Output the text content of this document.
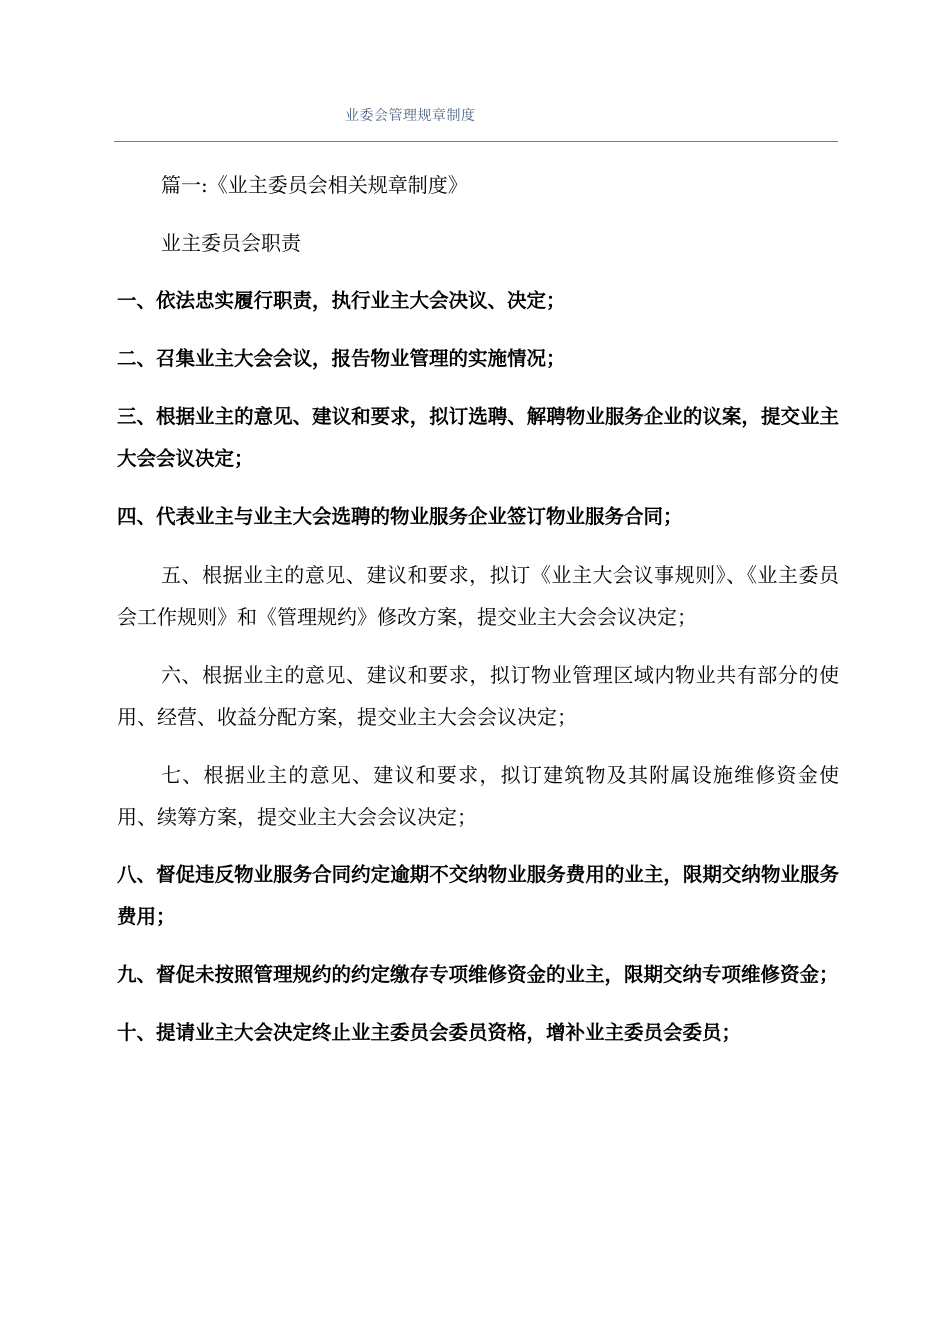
业委会管理规章制度

篇一:《业主委员会相关规章制度》

业主委员会职责

一、依法忠实履行职责，执行业主大会决议、决定；

二、召集业主大会会议，报告物业管理的实施情况；

三、根据业主的意见、建议和要求，拟订选聘、解聘物业服务企业的议案，提交业主大会会议决定；

四、代表业主与业主大会选聘的物业服务企业签订物业服务合同；

五、根据业主的意见、建议和要求，拟订《业主大会议事规则》、《业主委员会工作规则》和《管理规约》修改方案，提交业主大会会议决定；

六、根据业主的意见、建议和要求，拟订物业管理区域内物业共有部分的使用、经营、收益分配方案，提交业主大会会议决定；

七、根据业主的意见、建议和要求，拟订建筑物及其附属设施维修资金使用、续筹方案，提交业主大会会议决定；

八、督促违反物业服务合同约定逾期不交纳物业服务费用的业主，限期交纳物业服务费用；

九、督促未按照管理规约的约定缴存专项维修资金的业主，限期交纳专项维修资金；

十、提请业主大会决定终止业主委员会委员资格，增补业主委员会委员；
